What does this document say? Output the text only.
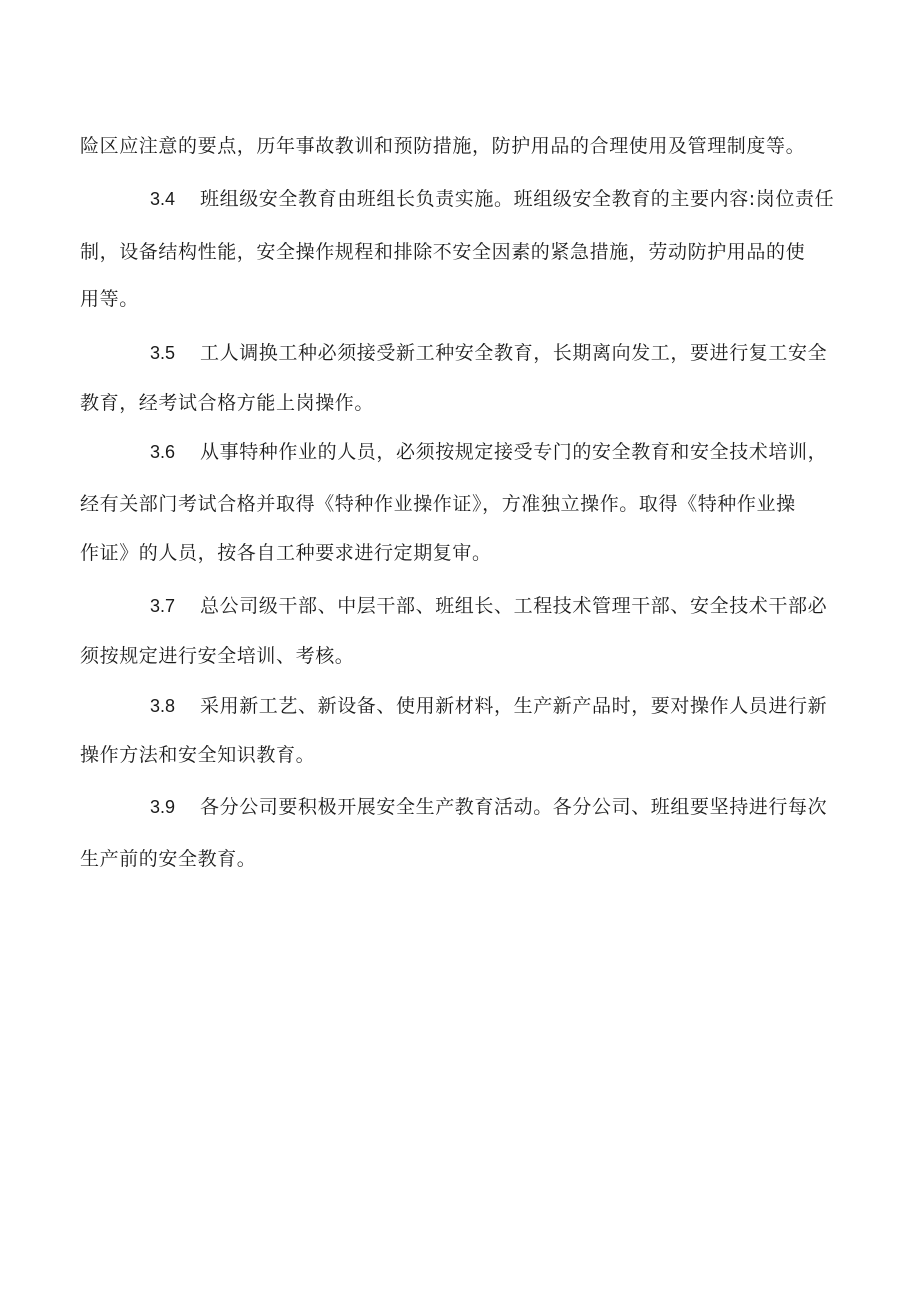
险区应注意的要点，历年事故教训和预防措施，防护用品的合理使用及管理制度等。
3.4 班组级安全教育由班组长负责实施。班组级安全教育的主要内容:岗位责任
制，设备结构性能，安全操作规程和排除不安全因素的紧急措施，劳动防护用品的使
用等。
3.5 工人调换工种必须接受新工种安全教育，长期离向发工，要进行复工安全
教育，经考试合格方能上岗操作。
3.6 从事特种作业的人员，必须按规定接受专门的安全教育和安全技术培训，
经有关部门考试合格并取得《特种作业操作证》，方准独立操作。取得《特种作业操
作证》的人员，按各自工种要求进行定期复审。
3.7 总公司级干部、中层干部、班组长、工程技术管理干部、安全技术干部必
须按规定进行安全培训、考核。
3.8 采用新工艺、新设备、使用新材料，生产新产品时，要对操作人员进行新
操作方法和安全知识教育。
3.9 各分公司要积极开展安全生产教育活动。各分公司、班组要坚持进行每次
生产前的安全教育。
